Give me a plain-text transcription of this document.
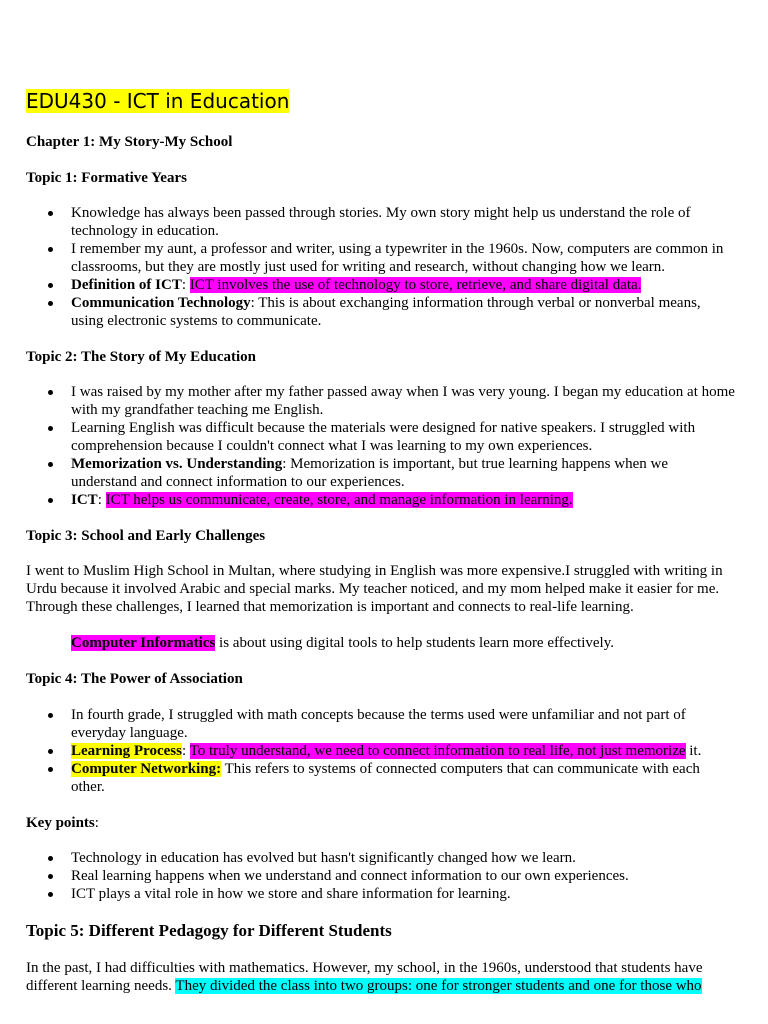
EDU430 - ICT in Education

Chapter 1: My Story-My School

Topic 1: Formative Years

Knowledge has always been passed through stories. My own story might help us understand the role of technology in education.
I remember my aunt, a professor and writer, using a typewriter in the 1960s. Now, computers are common in classrooms, but they are mostly just used for writing and research, without changing how we learn.
Definition of ICT: ICT involves the use of technology to store, retrieve, and share digital data.
Communication Technology: This is about exchanging information through verbal or nonverbal means, using electronic systems to communicate.

Topic 2: The Story of My Education

I was raised by my mother after my father passed away when I was very young. I began my education at home with my grandfather teaching me English.
Learning English was difficult because the materials were designed for native speakers. I struggled with comprehension because I couldn't connect what I was learning to my own experiences.
Memorization vs. Understanding: Memorization is important, but true learning happens when we understand and connect information to our experiences.
ICT: ICT helps us communicate, create, store, and manage information in learning.

Topic 3: School and Early Challenges

I went to Muslim High School in Multan, where studying in English was more expensive.I struggled with writing in Urdu because it involved Arabic and special marks. My teacher noticed, and my mom helped make it easier for me. Through these challenges, I learned that memorization is important and connects to real-life learning.

Computer Informatics is about using digital tools to help students learn more effectively.

Topic 4: The Power of Association

In fourth grade, I struggled with math concepts because the terms used were unfamiliar and not part of everyday language.
Learning Process: To truly understand, we need to connect information to real life, not just memorize it.
Computer Networking: This refers to systems of connected computers that can communicate with each other.

Key points:

Technology in education has evolved but hasn't significantly changed how we learn.
Real learning happens when we understand and connect information to our own experiences.
ICT plays a vital role in how we store and share information for learning.

Topic 5: Different Pedagogy for Different Students

In the past, I had difficulties with mathematics. However, my school, in the 1960s, understood that students have different learning needs. They divided the class into two groups: one for stronger students and one for those who
